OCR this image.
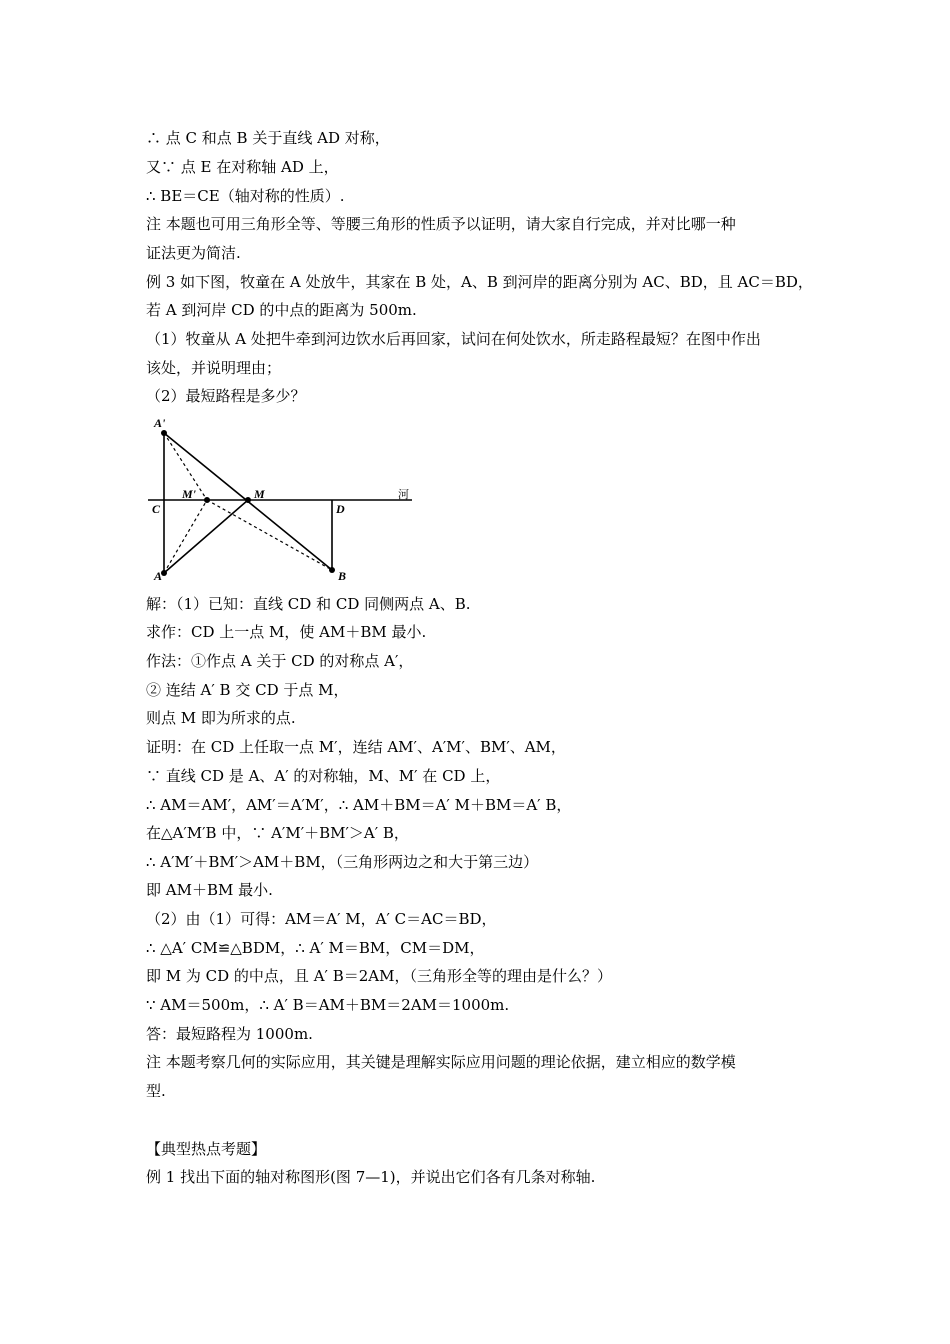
∴ 点 C 和点 B 关于直线 AD 对称，
又∵ 点 E 在对称轴 AD 上，
∴ BE＝CE（轴对称的性质）.
注 本题也可用三角形全等、等腰三角形的性质予以证明，请大家自行完成，并对比哪一种
证法更为简洁.
例 3 如下图，牧童在 A 处放牛，其家在 B 处，A、B 到河岸的距离分别为 AC、BD，且 AC＝BD，
若 A 到河岸 CD 的中点的距离为 500m.
（1）牧童从 A 处把牛牵到河边饮水后再回家，试问在何处饮水，所走路程最短？在图中作出
该处，并说明理由；
（2）最短路程是多少？
解：（1）已知：直线 CD 和 CD 同侧两点 A、B.
求作：CD 上一点 M，使 AM＋BM 最小.
作法：①作点 A 关于 CD 的对称点 A′，
② 连结 A′ B 交 CD 于点 M，
则点 M 即为所求的点.
证明：在 CD 上任取一点 M′，连结 AM′、A′M′、BM′、AM，
∵ 直线 CD 是 A、A′ 的对称轴，M、M′ 在 CD 上，
∴ AM＝AM′，AM′＝A′M′，∴ AM＋BM＝A′ M＋BM＝A′ B，
在△A′M′B 中，∵ A′M′＋BM′＞A′ B，
∴ A′M′＋BM′＞AM＋BM，（三角形两边之和大于第三边）
即 AM＋BM 最小.
（2）由（1）可得：AM＝A′ M，A′ C＝AC＝BD，
∴ △A′ CM≌△BDM，∴ A′ M＝BM，CM＝DM，
即 M 为 CD 的中点，且 A′ B＝2AM，（三角形全等的理由是什么？）
∵ AM＝500m，∴ A′ B＝AM＋BM＝2AM＝1000m.
答：最短路程为 1000m.
注 本题考察几何的实际应用，其关键是理解实际应用问题的理论依据，建立相应的数学模
型.
【典型热点考题】
例 1 找出下面的轴对称图形(图 7—1)，并说出它们各有几条对称轴.
A'
M'	M
C	D
A	B
河
